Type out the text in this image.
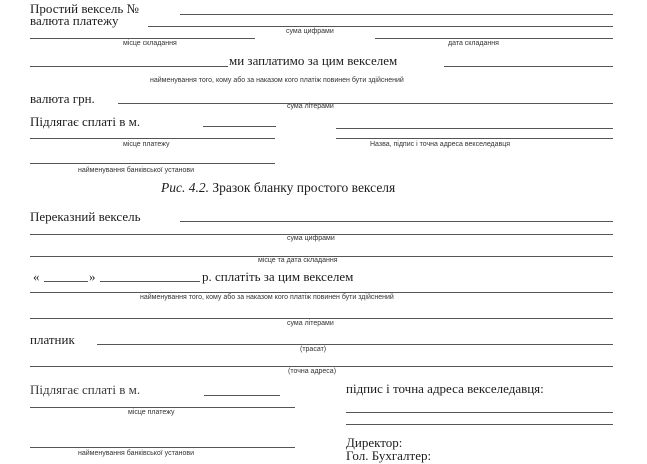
Простий вексель №
валюта платежу
сума цифрами
місце складання	дата складання
ми заплатимо за цим векселем
найменування того, кому або за наказом кого платіж повинен бути здійснений
валюта грн.
сума літерами
Підлягає сплаті в м.
місце платежу	Назва, підпис і точна адреса векселедавця
найменування банківської установи
Рис. 4.2. Зразок бланку простого векселя
Переказний вексель
сума цифрами
місце та дата складання
«	»	р. сплатіть за цим векселем
найменування того, кому або за наказом кого платіж повинен бути здійснений
сума літерами
платник
(трасат)
(точна адреса)
Підлягає сплаті в м.	підпис і точна адреса векселедавця:
місце платежу
Директор:
найменування банківської установи	Гол. Бухгалтер:
